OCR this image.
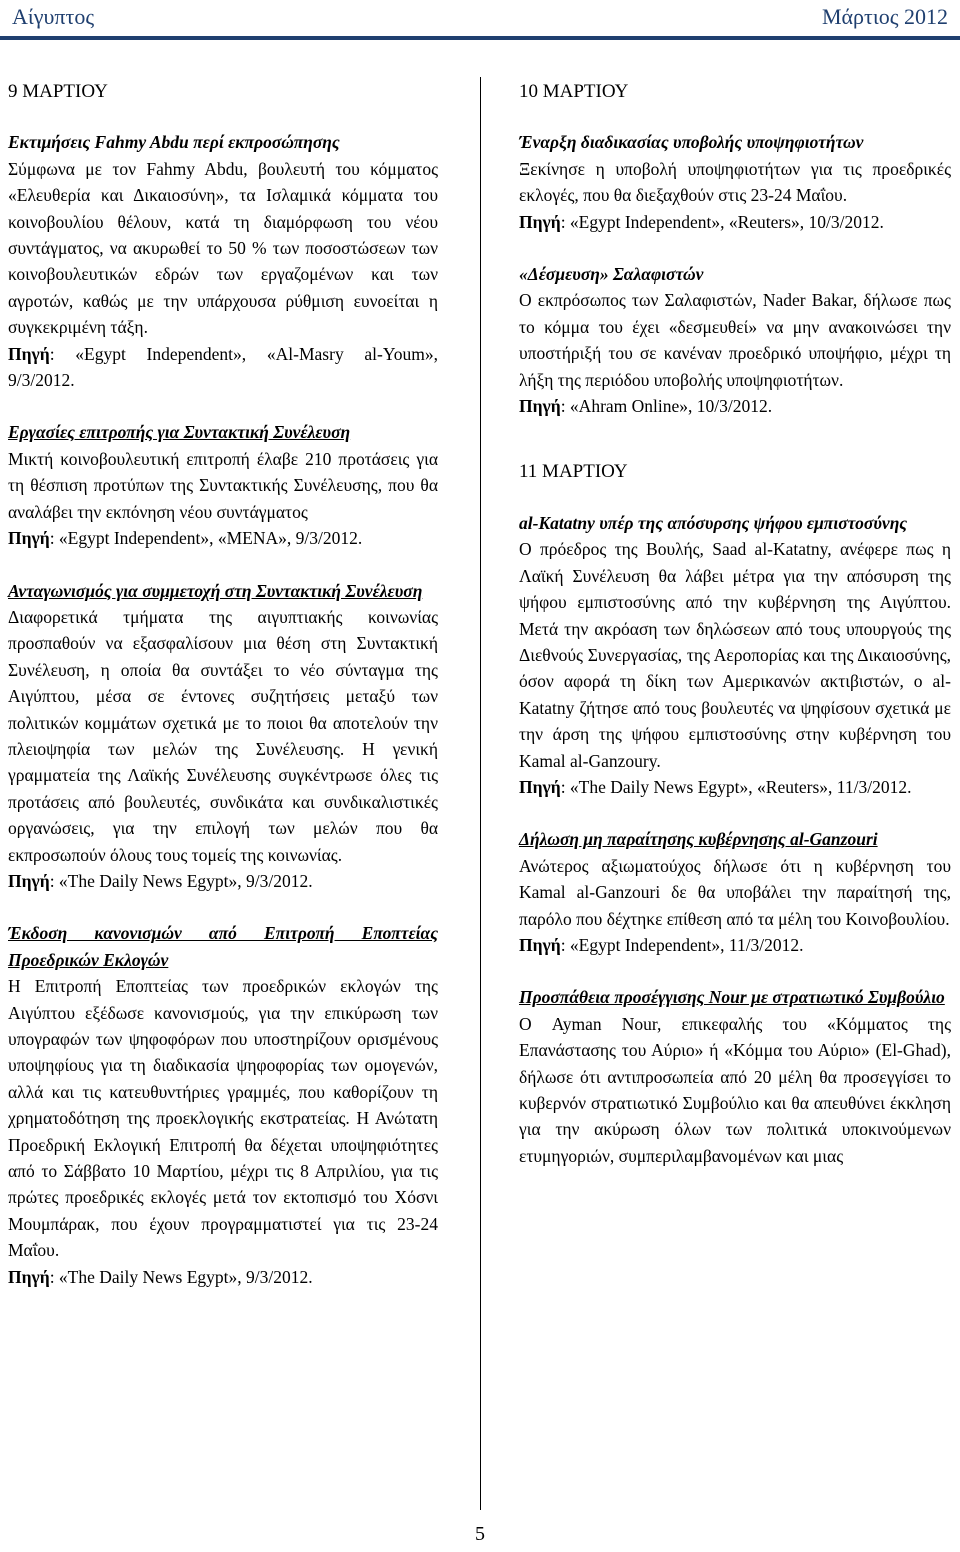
Αίγυπτος	Μάρτιος 2012
9 ΜΑΡΤΙΟΥ
Εκτιμήσεις Fahmy Abdu περί εκπροσώπησης
Σύμφωνα με τον Fahmy Abdu, βουλευτή του κόμματος «Ελευθερία και Δικαιοσύνη», τα Ισλαμικά κόμματα του κοινοβουλίου θέλουν, κατά τη διαμόρφωση του νέου συντάγματος, να ακυρωθεί το 50 % των ποσοστώσεων των κοινοβουλευτικών εδρών των εργαζομένων και των αγροτών, καθώς με την υπάρχουσα ρύθμιση ευνοείται η συγκεκριμένη τάξη.
Πηγή: «Egypt Independent», «Al-Masry al-Youm», 9/3/2012.
Εργασίες επιτροπής για Συντακτική Συνέλευση
Μικτή κοινοβουλευτική επιτροπή έλαβε 210 προτάσεις για τη θέσπιση προτύπων της Συντακτικής Συνέλευσης, που θα αναλάβει την εκπόνηση νέου συντάγματος
Πηγή: «Egypt Independent», «MENA», 9/3/2012.
Ανταγωνισμός για συμμετοχή στη Συντακτική Συνέλευση
Διαφορετικά τμήματα της αιγυπτιακής κοινωνίας προσπαθούν να εξασφαλίσουν μια θέση στη Συντακτική Συνέλευση, η οποία θα συντάξει το νέο σύνταγμα της Αιγύπτου, μέσα σε έντονες συζητήσεις μεταξύ των πολιτικών κομμάτων σχετικά με το ποιοι θα αποτελούν την πλειοψηφία των μελών της Συνέλευσης. Η γενική γραμματεία της Λαϊκής Συνέλευσης συγκέντρωσε όλες τις προτάσεις από βουλευτές, συνδικάτα και συνδικαλιστικές οργανώσεις, για την επιλογή των μελών που θα εκπροσωπούν όλους τους τομείς της κοινωνίας.
Πηγή: «The Daily News Egypt», 9/3/2012.
Έκδοση κανονισμών από Επιτροπή Εποπτείας Προεδρικών Εκλογών
Η Επιτροπή Εποπτείας των προεδρικών εκλογών της Αιγύπτου εξέδωσε κανονισμούς, για την επικύρωση των υπογραφών των ψηφοφόρων που υποστηρίζουν ορισμένους υποψηφίους για τη διαδικασία ψηφοφορίας των ομογενών, αλλά και τις κατευθυντήριες γραμμές, που καθορίζουν τη χρηματοδότηση της προεκλογικής εκστρατείας. Η Ανώτατη Προεδρική Εκλογική Επιτροπή θα δέχεται υποψηφιότητες από το Σάββατο 10 Μαρτίου, μέχρι τις 8 Απριλίου, για τις πρώτες προεδρικές εκλογές μετά τον εκτοπισμό του Χόσνι Μουμπάρακ, που έχουν προγραμματιστεί για τις 23-24 Μαΐου.
Πηγή: «The Daily News Egypt», 9/3/2012.
10 ΜΑΡΤΙΟΥ
Έναρξη διαδικασίας υποβολής υποψηφιοτήτων
Ξεκίνησε η υποβολή υποψηφιοτήτων για τις προεδρικές εκλογές, που θα διεξαχθούν στις 23-24 Μαΐου.
Πηγή: «Egypt Independent», «Reuters», 10/3/2012.
«Δέσμευση» Σαλαφιστών
Ο εκπρόσωπος των Σαλαφιστών, Nader Bakar, δήλωσε πως το κόμμα του έχει «δεσμευθεί» να μην ανακοινώσει την υποστήριξή του σε κανέναν προεδρικό υποψήφιο, μέχρι τη λήξη της περιόδου υποβολής υποψηφιοτήτων.
Πηγή: «Ahram Online», 10/3/2012.
11 ΜΑΡΤΙΟΥ
al-Katatny υπέρ της απόσυρσης ψήφου εμπιστοσύνης
Ο πρόεδρος της Βουλής, Saad al-Katatny, ανέφερε πως η Λαϊκή Συνέλευση θα λάβει μέτρα για την απόσυρση της ψήφου εμπιστοσύνης από την κυβέρνηση της Αιγύπτου. Μετά την ακρόαση των δηλώσεων από τους υπουργούς της Διεθνούς Συνεργασίας, της Αεροπορίας και της Δικαιοσύνης, όσον αφορά τη δίκη των Αμερικανών ακτιβιστών, ο al-Katatny ζήτησε από τους βουλευτές να ψηφίσουν σχετικά με την άρση της ψήφου εμπιστοσύνης στην κυβέρνηση του Kamal al-Ganzoury.
Πηγή: «The Daily News Egypt», «Reuters», 11/3/2012.
Δήλωση μη παραίτησης κυβέρνησης al-Ganzouri
Ανώτερος αξιωματούχος δήλωσε ότι η κυβέρνηση του Kamal al-Ganzouri δε θα υποβάλει την παραίτησή της, παρόλο που δέχτηκε επίθεση από τα μέλη του Κοινοβουλίου.
Πηγή: «Egypt Independent», 11/3/2012.
Προσπάθεια προσέγγισης Nour με στρατιωτικό Συμβούλιο
Ο Ayman Nour, επικεφαλής του «Κόμματος της Επανάστασης του Αύριο» ή «Κόμμα του Αύριο» (El-Ghad), δήλωσε ότι αντιπροσωπεία από 20 μέλη θα προσεγγίσει το κυβερνόν στρατιωτικό Συμβούλιο και θα απευθύνει έκκληση για την ακύρωση όλων των πολιτικά υποκινούμενων ετυμηγοριών, συμπεριλαμβανομένων και μιας
5
